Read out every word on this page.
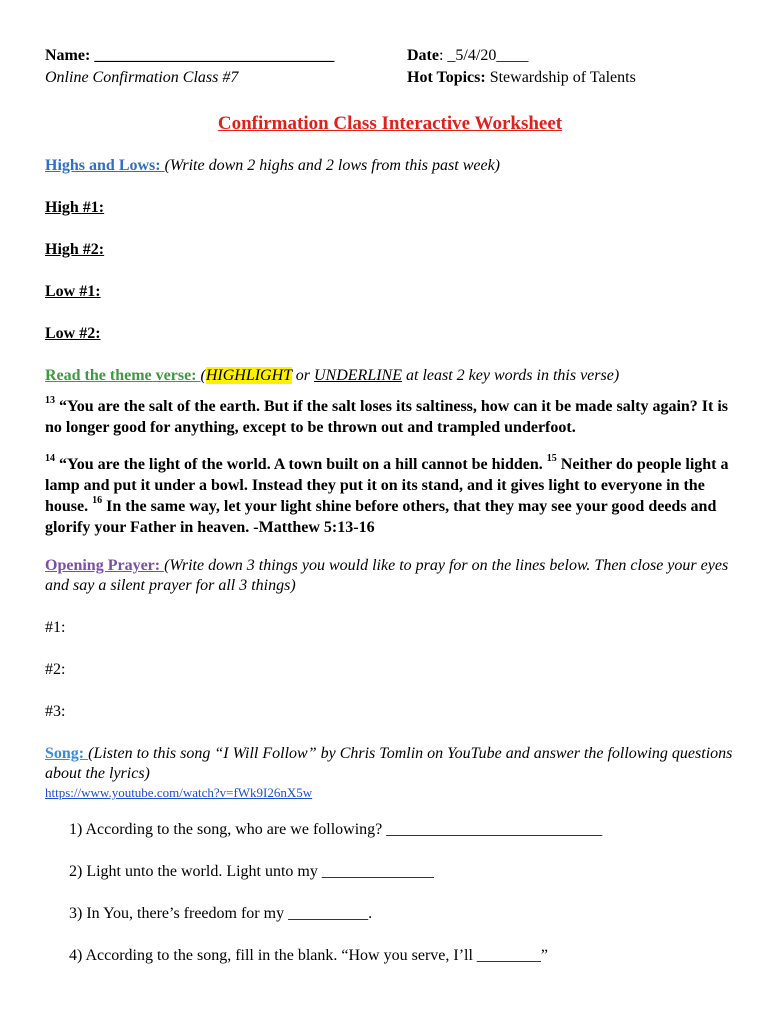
Name: ______________________________
Online Confirmation Class #7
Date: _5/4/20____
Hot Topics: Stewardship of Talents
Confirmation Class Interactive Worksheet
Highs and Lows: (Write down 2 highs and 2 lows from this past week)
High #1:
High #2:
Low #1:
Low #2:
Read the theme verse: (HIGHLIGHT or UNDERLINE at least 2 key words in this verse)
$^{13}$ “You are the salt of the earth. But if the salt loses its saltiness, how can it be made salty again? It is no longer good for anything, except to be thrown out and trampled underfoot.
$^{14}$ “You are the light of the world. A town built on a hill cannot be hidden. $^{15}$ Neither do people light a lamp and put it under a bowl. Instead they put it on its stand, and it gives light to everyone in the house. $^{16}$ In the same way, let your light shine before others, that they may see your good deeds and glorify your Father in heaven. -Matthew 5:13-16
Opening Prayer: (Write down 3 things you would like to pray for on the lines below. Then close your eyes and say a silent prayer for all 3 things)
#1:
#2:
#3:
Song: (Listen to this song “I Will Follow” by Chris Tomlin on YouTube and answer the following questions about the lyrics)
https://www.youtube.com/watch?v=fWk9I26nX5w
1) According to the song, who are we following? ___________________________
2) Light unto the world. Light unto my ______________
3) In You, there’s freedom for my __________.
4) According to the song, fill in the blank. “How you serve, I’ll ________”
